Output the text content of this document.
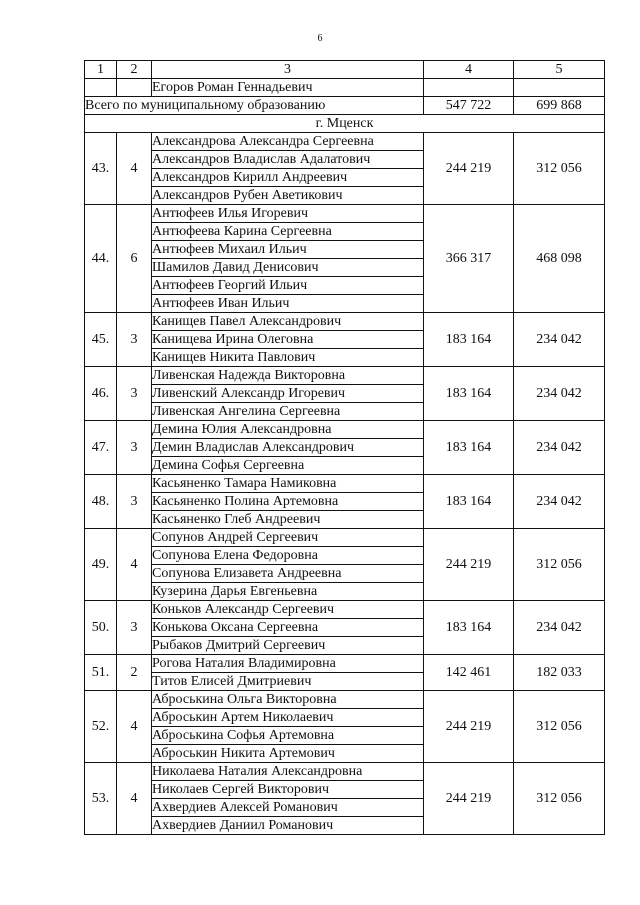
6
1	2	3	4	5
		Егоров Роман Геннадьевич		
Всего по муниципальному образованию			547 722	699 868
г. Мценск				
43.	4	Александрова Александра Сергеевна	244 219	312 056
		Александров Владислав Адалатович		
		Александров Кирилл Андреевич		
		Александров Рубен Аветикович		
44.	6	Антюфеев Илья Игоревич	366 317	468 098
		Антюфеева Карина Сергеевна		
		Антюфеев Михаил Ильич		
		Шамилов Давид Денисович		
		Антюфеев Георгий Ильич		
		Антюфеев Иван Ильич		
45.	3	Канищев Павел Александрович	183 164	234 042
		Канищева Ирина Олеговна		
		Канищев Никита Павлович		
46.	3	Ливенская Надежда Викторовна	183 164	234 042
		Ливенский Александр Игоревич		
		Ливенская Ангелина Сергеевна		
47.	3	Демина Юлия Александровна	183 164	234 042
		Демин Владислав Александрович		
		Демина Софья Сергеевна		
48.	3	Касьяненко Тамара Намиковна	183 164	234 042
		Касьяненко Полина Артемовна		
		Касьяненко Глеб Андреевич		
49.	4	Сопунов Андрей Сергеевич	244 219	312 056
		Сопунова Елена Федоровна		
		Сопунова Елизавета Андреевна		
		Кузерина Дарья Евгеньевна		
50.	3	Коньков Александр Сергеевич	183 164	234 042
		Конькова Оксана Сергеевна		
		Рыбаков Дмитрий Сергеевич		
51.	2	Рогова Наталия Владимировна	142 461	182 033
		Титов Елисей Дмитриевич		
52.	4	Аброськина Ольга Викторовна	244 219	312 056
		Аброськин Артем Николаевич		
		Аброськина Софья Артемовна		
		Аброськин Никита Артемович		
53.	4	Николаева Наталия Александровна	244 219	312 056
		Николаев Сергей Викторович		
		Ахвердиев Алексей Романович		
		Ахвердиев Даниил Романович		
